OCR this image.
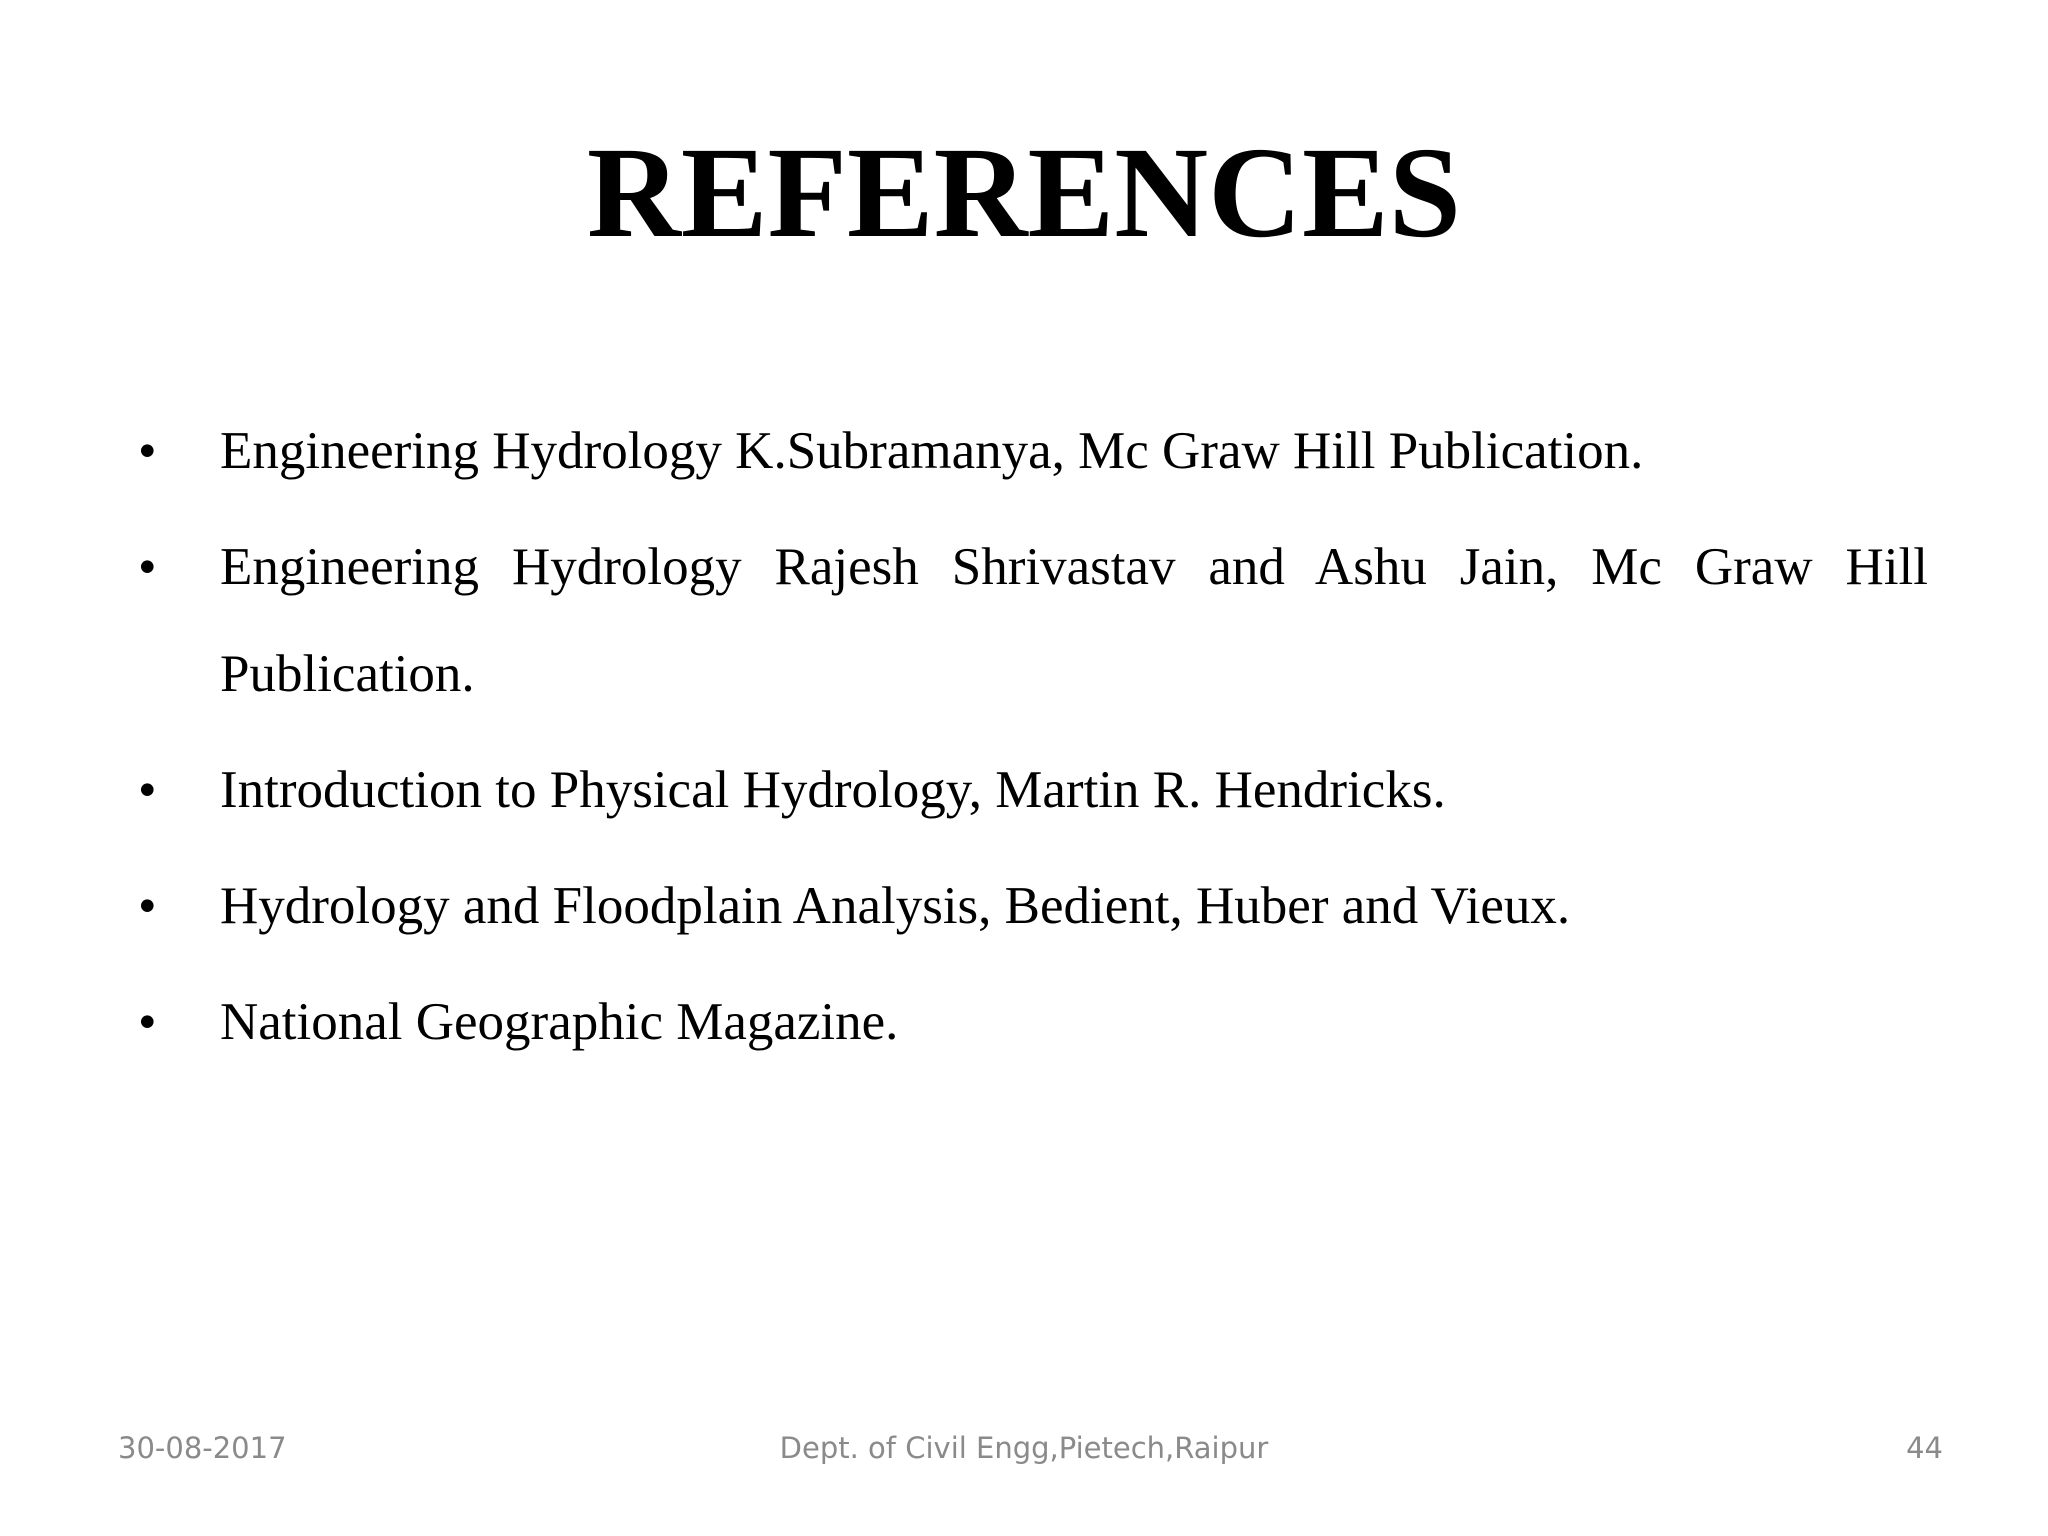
REFERENCES
•	Engineering Hydrology K.Subramanya, Mc Graw Hill Publication.
•	Engineering Hydrology Rajesh Shrivastav and Ashu Jain, Mc Graw Hill Publication.
•	Introduction to Physical Hydrology, Martin R. Hendricks.
•	Hydrology and Floodplain Analysis, Bedient, Huber and Vieux.
•	National Geographic Magazine.
30-08-2017	Dept. of Civil Engg,Pietech,Raipur	44
